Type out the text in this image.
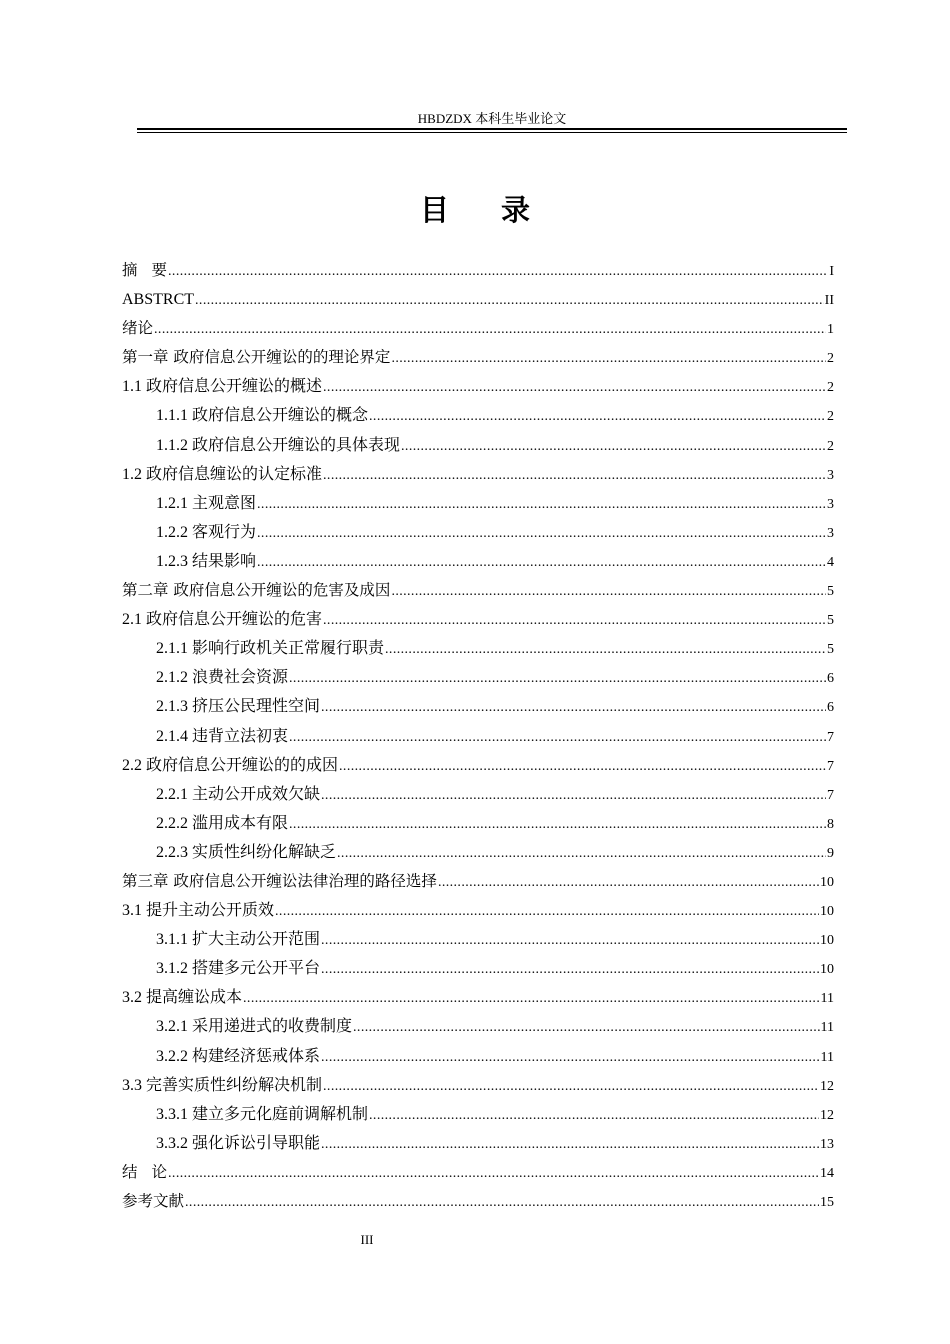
HBDZDX 本科生毕业论文
目录
摘要 .....	I
ABSTRCT .....	II
绪论 .....	1
第一章 政府信息公开缠讼的的理论界定 .....	2
1.1 政府信息公开缠讼的概述 .....	2
1.1.1 政府信息公开缠讼的概念 .....	2
1.1.2 政府信息公开缠讼的具体表现 .....	2
1.2 政府信息缠讼的认定标准 .....	3
1.2.1 主观意图 .....	3
1.2.2 客观行为 .....	3
1.2.3 结果影响 .....	4
第二章 政府信息公开缠讼的危害及成因 .....	5
2.1 政府信息公开缠讼的危害 .....	5
2.1.1 影响行政机关正常履行职责 .....	5
2.1.2 浪费社会资源 .....	6
2.1.3 挤压公民理性空间 .....	6
2.1.4 违背立法初衷 .....	7
2.2 政府信息公开缠讼的的成因 .....	7
2.2.1 主动公开成效欠缺 .....	7
2.2.2 滥用成本有限 .....	8
2.2.3 实质性纠纷化解缺乏 .....	9
第三章 政府信息公开缠讼法律治理的路径选择 .....	10
3.1 提升主动公开质效 .....	10
3.1.1 扩大主动公开范围 .....	10
3.1.2 搭建多元公开平台 .....	10
3.2 提高缠讼成本 .....	11
3.2.1 采用递进式的收费制度 .....	11
3.2.2 构建经济惩戒体系 .....	11
3.3 完善实质性纠纷解决机制 .....	12
3.3.1 建立多元化庭前调解机制 .....	12
3.3.2 强化诉讼引导职能 .....	13
结论 .....	14
参考文献 .....	15
III
